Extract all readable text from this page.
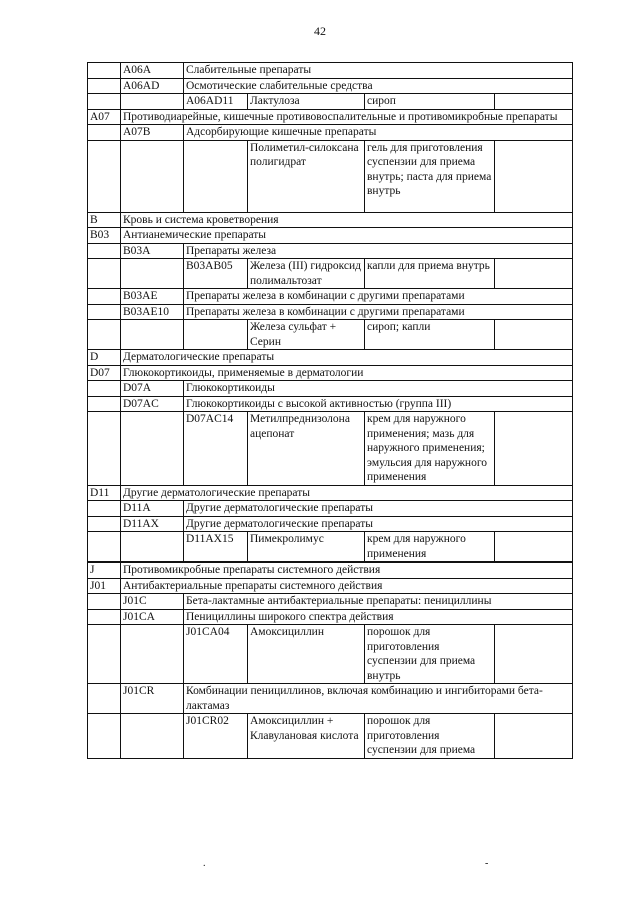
42
	A06A	Слабительные препараты			
	A06AD	Осмотические слабительные средства			
		A06AD11	Лактулоза	сироп	
A07	Противодиарейные, кишечные противовоспалительные и противомикробные препараты				
	A07B	Адсорбирующие кишечные препараты			
			Полиметил-силоксана полигидрат	гель для приготовления суспензии для приема внутрь; паста для приема внутрь	
B	Кровь и система кроветворения				
B03	Антианемические препараты				
	B03A	Препараты железа			
		B03AB05	Железа (III) гидроксид полимальтозат	капли для приема внутрь	
	B03AE	Препараты железа в комбинации с другими препаратами			
	B03AE10	Препараты железа в комбинации с другими препаратами			
			Железа сульфат + Серин	сироп; капли	
D	Дерматологические препараты				
D07	Глюкокортикоиды, применяемые в дерматологии				
	D07A	Глюкокортикоиды			
	D07AC	Глюкокортикоиды с высокой активностью (группа III)			
		D07AC14	Метилпреднизолона ацепонат	крем для наружного применения; мазь для наружного применения; эмульсия для наружного применения	
D11	Другие дерматологические препараты				
	D11A	Другие дерматологические препараты			
	D11AX	Другие дерматологические препараты			
		D11AX15	Пимекролимус	крем для наружного применения	

J	Противомикробные препараты системного действия				
J01	Антибактериальные препараты системного действия				
	J01C	Бета-лактамные антибактериальные препараты: пенициллины			
	J01CA	Пенициллины широкого спектра действия			
		J01CA04	Амоксициллин	порошок для приготовления суспензии для приема внутрь	
	J01CR	Комбинации пенициллинов, включая комбинацию и ингибиторами бета-лактамаз			
		J01CR02	Амоксициллин + Клавулановая кислота	порошок для приготовления суспензии для приема	
.	-
